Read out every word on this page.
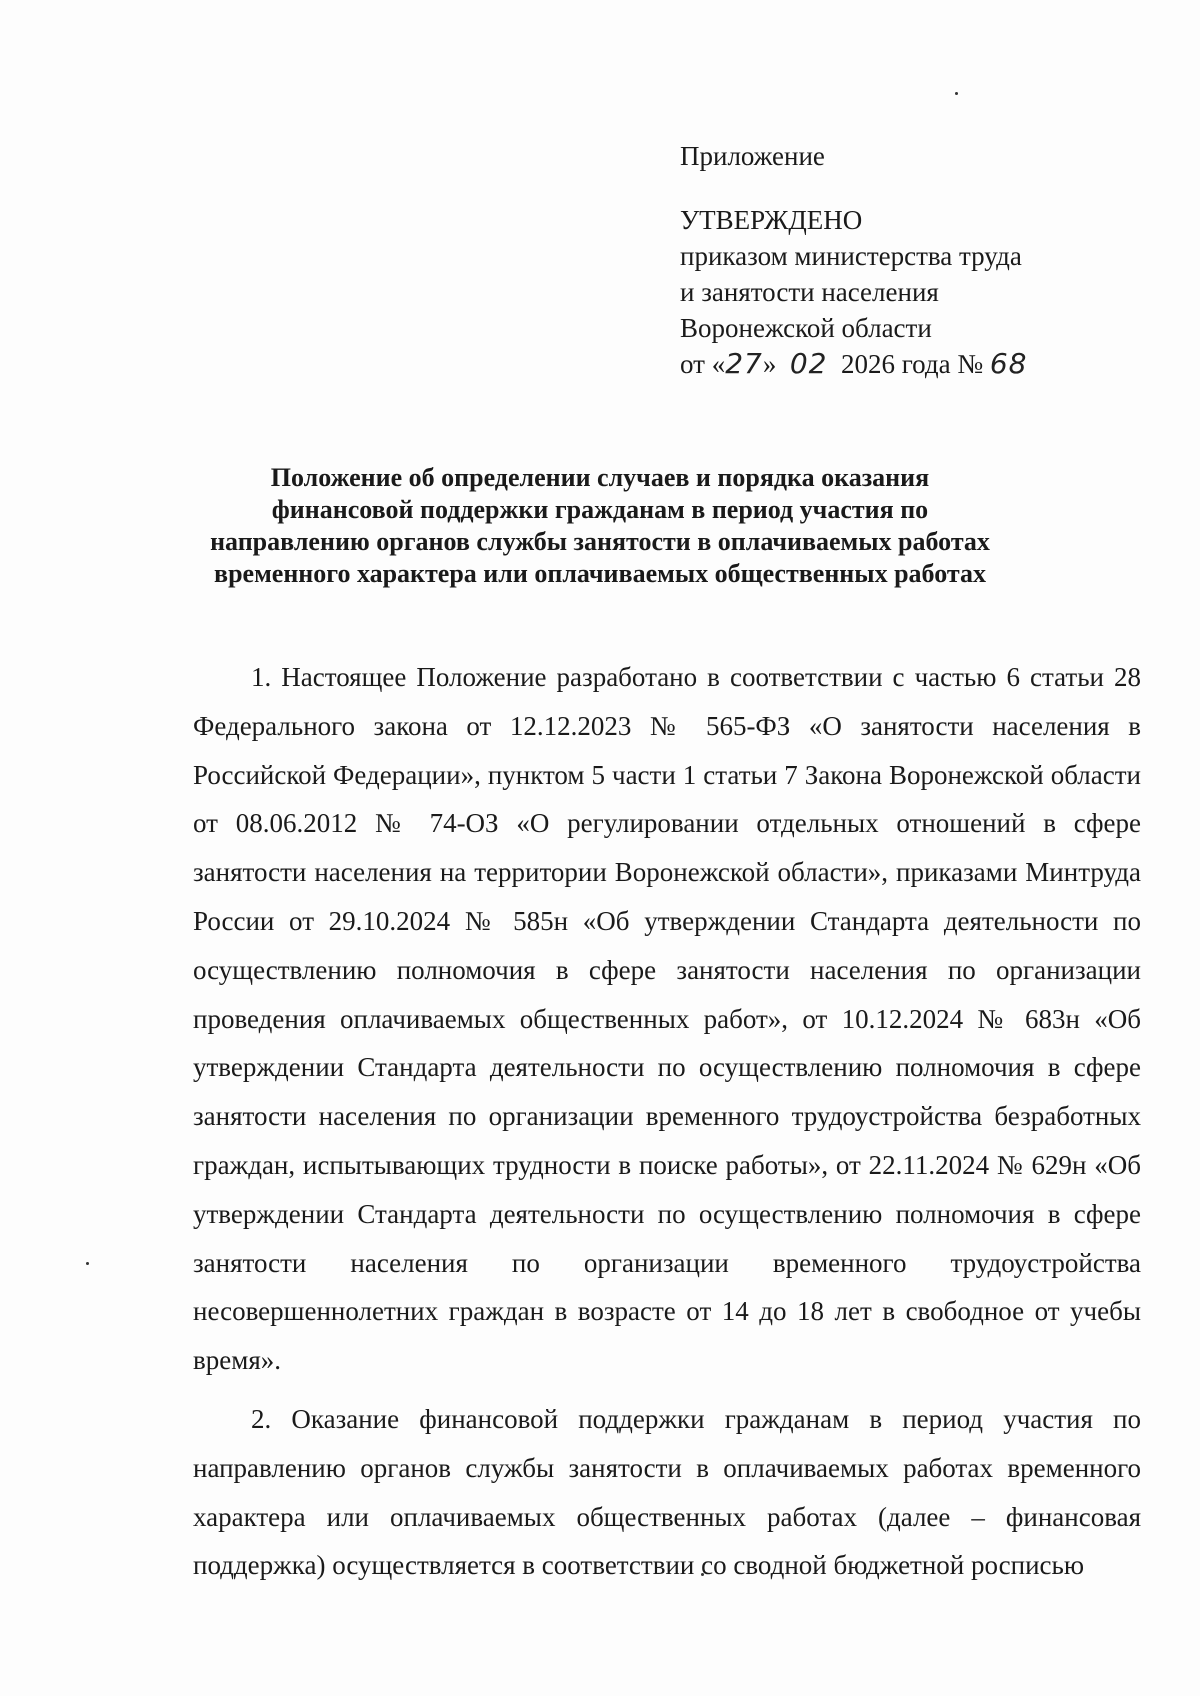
Приложение

УТВЕРЖДЕНО

приказом министерства труда

и занятости населения

Воронежской области

от «27» 02 2026 года № 68

Положение об определении случаев и порядка оказания финансовой поддержки гражданам в период участия по направлению органов службы занятости в оплачиваемых работах временного характера или оплачиваемых общественных работах

1. Настоящее Положение разработано в соответствии с частью 6 статьи 28 Федерального закона от 12.12.2023 № 565-ФЗ «О занятости населения в Российской Федерации», пунктом 5 части 1 статьи 7 Закона Воронежской области от 08.06.2012 № 74-ОЗ «О регулировании отдельных отношений в сфере занятости населения на территории Воронежской области», приказами Минтруда России от 29.10.2024 № 585н «Об утверждении Стандарта деятельности по осуществлению полномочия в сфере занятости населения по организации проведения оплачиваемых общественных работ», от 10.12.2024 № 683н «Об утверждении Стандарта деятельности по осуществлению полномочия в сфере занятости населения по организации временного трудоустройства безработных граждан, испытывающих трудности в поиске работы», от 22.11.2024 № 629н «Об утверждении Стандарта деятельности по осуществлению полномочия в сфере занятости населения по организации временного трудоустройства несовершеннолетних граждан в возрасте от 14 до 18 лет в свободное от учебы время».

2. Оказание финансовой поддержки гражданам в период участия по направлению органов службы занятости в оплачиваемых работах временного характера или оплачиваемых общественных работах (далее – финансовая поддержка) осуществляется в соответствии со сводной бюджетной росписью
